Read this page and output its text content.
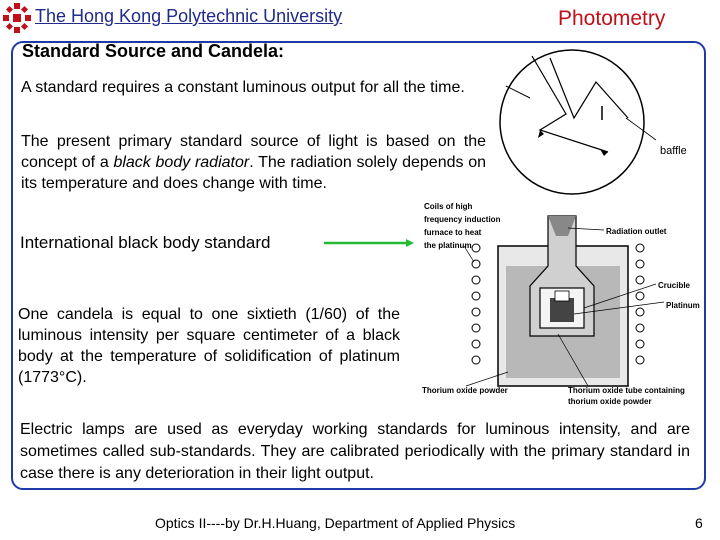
The Hong Kong Polytechnic University	Photometry
Standard Source and Candela:
A standard requires a constant luminous output for all the time.
The present primary standard source of light is based on the concept of a black body radiator. The radiation solely depends on its temperature and does change with time.
International black body standard
One candela is equal to one sixtieth (1/60) of the luminous intensity per square centimeter of a black body at the temperature of solidification of platinum (1773°C).
Electric lamps are used as everyday working standards for luminous intensity, and are sometimes called sub-standards. They are calibrated periodically with the primary standard in case there is any deterioration in their light output.
baffle
Coils of high
frequency induction
furnace to heat
the platinum
Radiation outlet
Crucible
Platinum
Thorium oxide powder	Thorium oxide tube containing
thorium oxide powder
Optics II----by Dr.H.Huang, Department of Applied Physics	6
